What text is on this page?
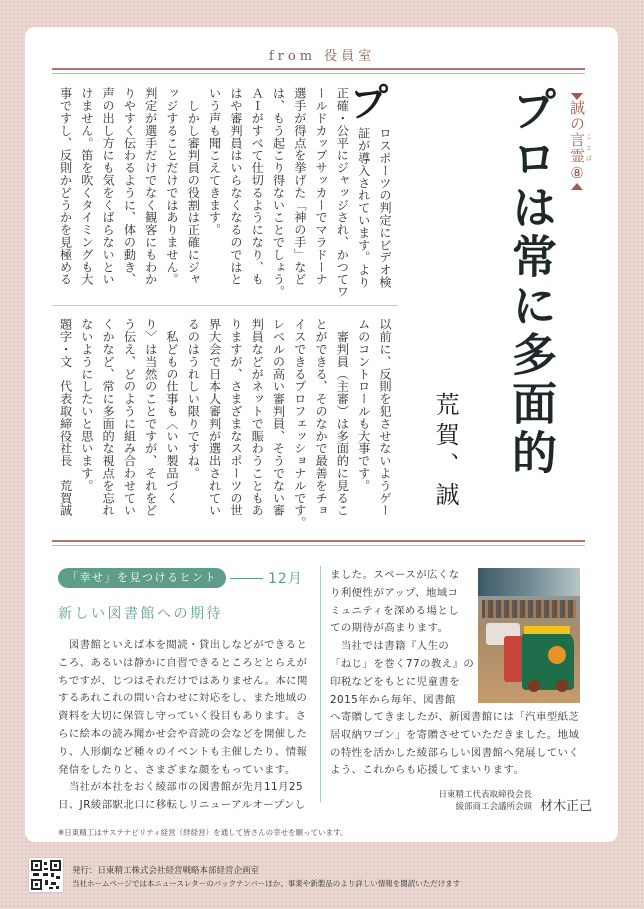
from 役員室
プ
ロスポーツの判定にビデオ検
証が導入されています。より
正確・公平にジャッジされ、かつてワ
ールドカップサッカーでマラドーナ
選手が得点を挙げた「神の手」など
は、もう起こり得ないことでしょう。
ＡＩがすべて仕切るようになり、も
はや審判員はいらなくなるのではと
いう声も聞こえてきます。
　しかし審判員の役割は正確にジャ
ッジすることだけではありません。
判定が選手だけでなく観客にもわか
りやすく伝わるように、体の動き、
声の出し方にも気をくばらないとい
けません。笛を吹くタイミングも大
事ですし、反則かどうかを見極める
以前に、反則を犯させないようゲー
ムのコントロールも大事です。
　審判員（主審）は多面的に見るこ
とができる、そのなかで最善をチョ
イスできるプロフェッショナルです。
レベルの高い審判員、そうでない審
判員などがネットで賑わうこともあ
りますが、さまざまなスポーツの世
界大会で日本人審判が選出されてい
るのはうれしい限りですね。
　私どもの仕事も〈いい製品づく
り〉は当然のことですが、それをど
う伝え、どのように組み合わせてい
くかなど、常に多面的な視点を忘れ
ないようにしたいと思います。
題字・文　代表取締役社長　荒賀誠
誠の言霊ことば⑧
プロは常に多面的
荒賀、誠
「幸せ」を見つけるヒント	12月
新しい図書館への期待
　図書館といえば本を閲読・貸出しなどができると
ころ、あるいは静かに自習できるところととらえが
ちですが、じつはそれだけではありません。本に関
するあれこれの問い合わせに対応をし、また地域の
資料を大切に保管し守っていく役目もあります。さ
らに絵本の読み聞かせ会や音読の会などを開催した
り、人形劇など種々のイベントも主催したり、情報
発信をしたりと、さまざまな顔をもっています。
　当社が本社をおく綾部市の図書館が先月11月25
日、JR綾部駅北口に移転しリニューアルオープンし
ました。スペースが広くな
り利便性がアップ、地域コ
ミュニティを深める場とし
ての期待が高まります。
　当社では書籍『人生の
「ねじ」を巻く77の教え』の
印税などをもとに児童書を
2015年から毎年、図書館
へ寄贈してきましたが、新図書館には「汽車型紙芝
居収納ワゴン」を寄贈させていただきました。地域
の特性を活かした綾部らしい図書館へ発展していく
よう、これからも応援してまいります。
日東精工代表取締役会長
綾部商工会議所会頭 材木正己
※日東精工はサステナビリティ経営（絆経営）を通して皆さんの幸せを願っています。
発行：日東精工株式会社経営戦略本部経営企画室
当社ホームページでは本ニュースレターのバックナンバーほか、事業や新製品のより詳しい情報を閲読いただけます
